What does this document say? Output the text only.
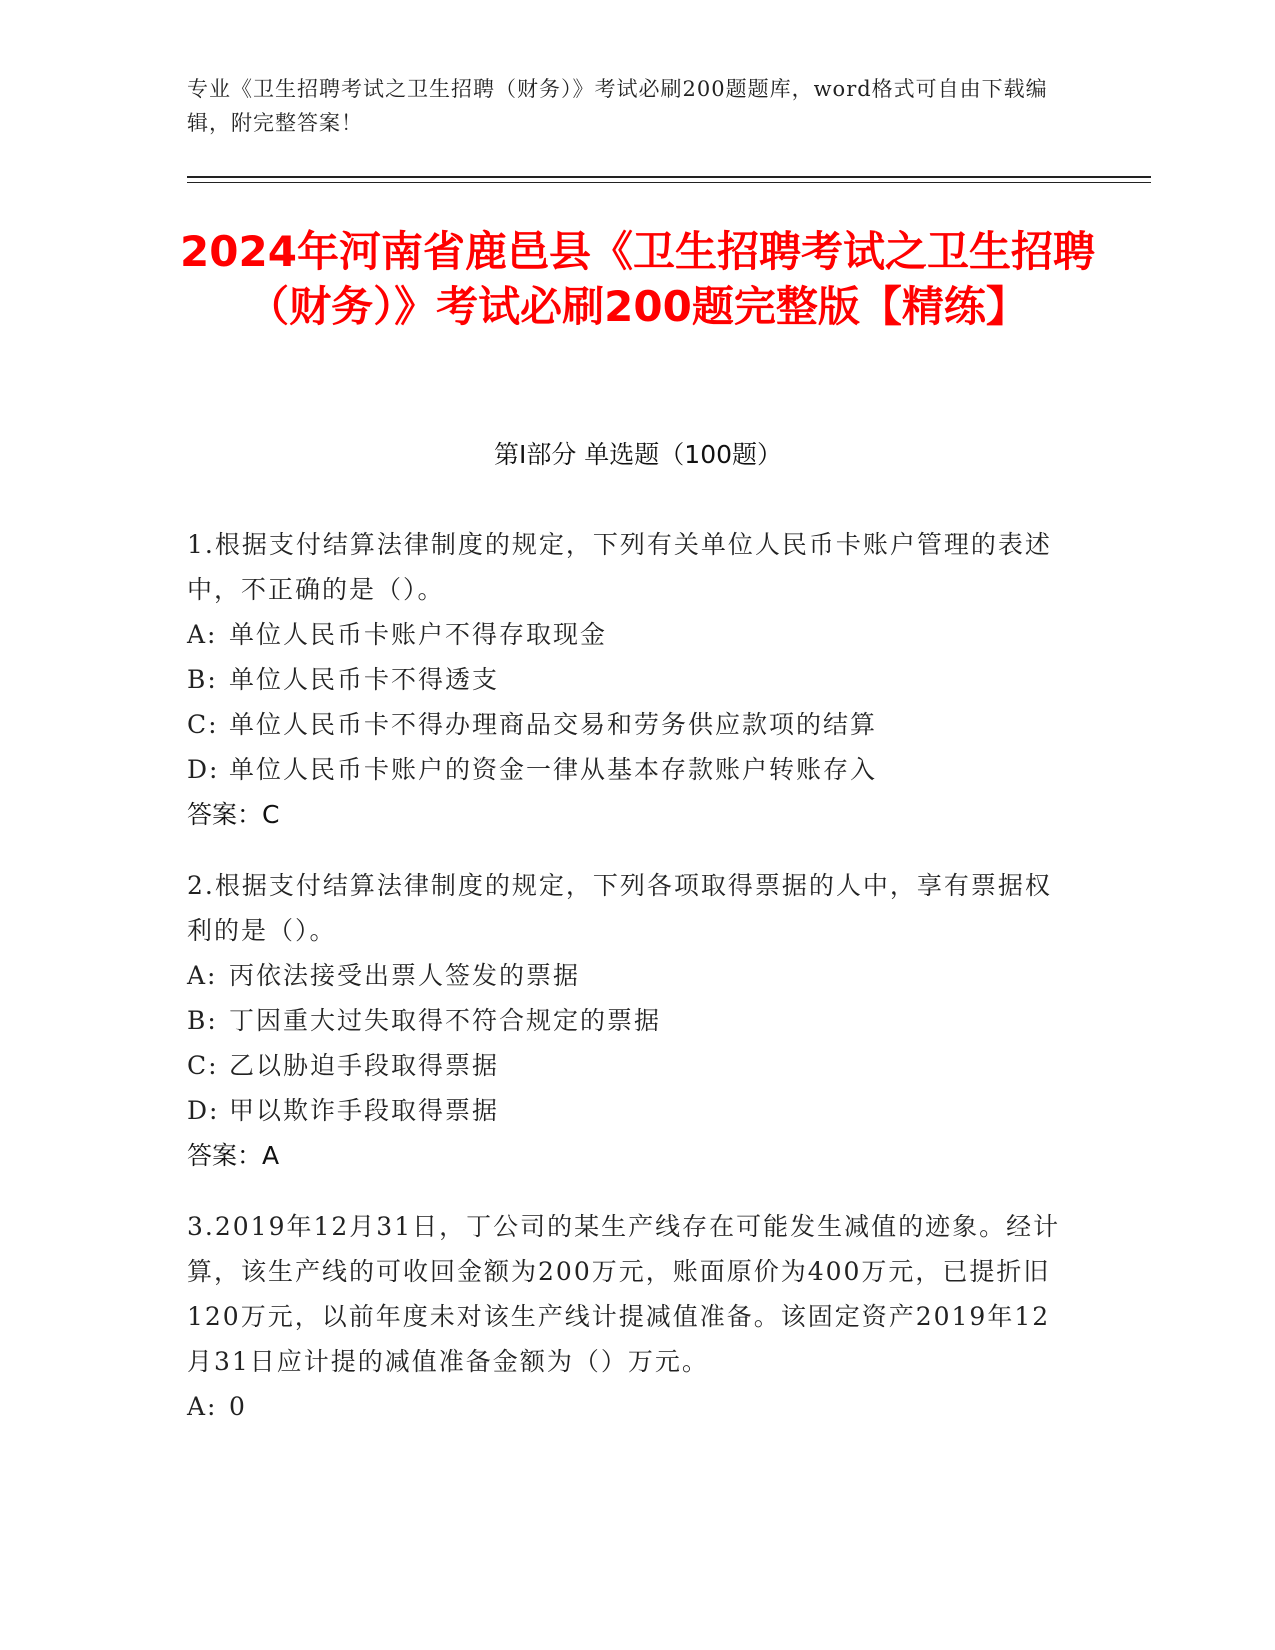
专业《卫生招聘考试之卫生招聘（财务）》考试必刷200题题库，word格式可自由下载编辑，附完整答案！
2024年河南省鹿邑县《卫生招聘考试之卫生招聘（财务）》考试必刷200题完整版【精练】
第Ⅰ部分 单选题（100题）

1.根据支付结算法律制度的规定，下列有关单位人民币卡账户管理的表述中，不正确的是（）。

A: 单位人民币卡账户不得存取现金

B: 单位人民币卡不得透支

C: 单位人民币卡不得办理商品交易和劳务供应款项的结算

D: 单位人民币卡账户的资金一律从基本存款账户转账存入

答案：C

2.根据支付结算法律制度的规定，下列各项取得票据的人中，享有票据权利的是（）。

A: 丙依法接受出票人签发的票据

B: 丁因重大过失取得不符合规定的票据

C: 乙以胁迫手段取得票据

D: 甲以欺诈手段取得票据

答案：A

3.2019年12月31日，丁公司的某生产线存在可能发生减值的迹象。经计算，该生产线的可收回金额为200万元，账面原价为400万元，已提折旧120万元，以前年度未对该生产线计提减值准备。该固定资产2019年12月31日应计提的减值准备金额为（）万元。

A: 0
